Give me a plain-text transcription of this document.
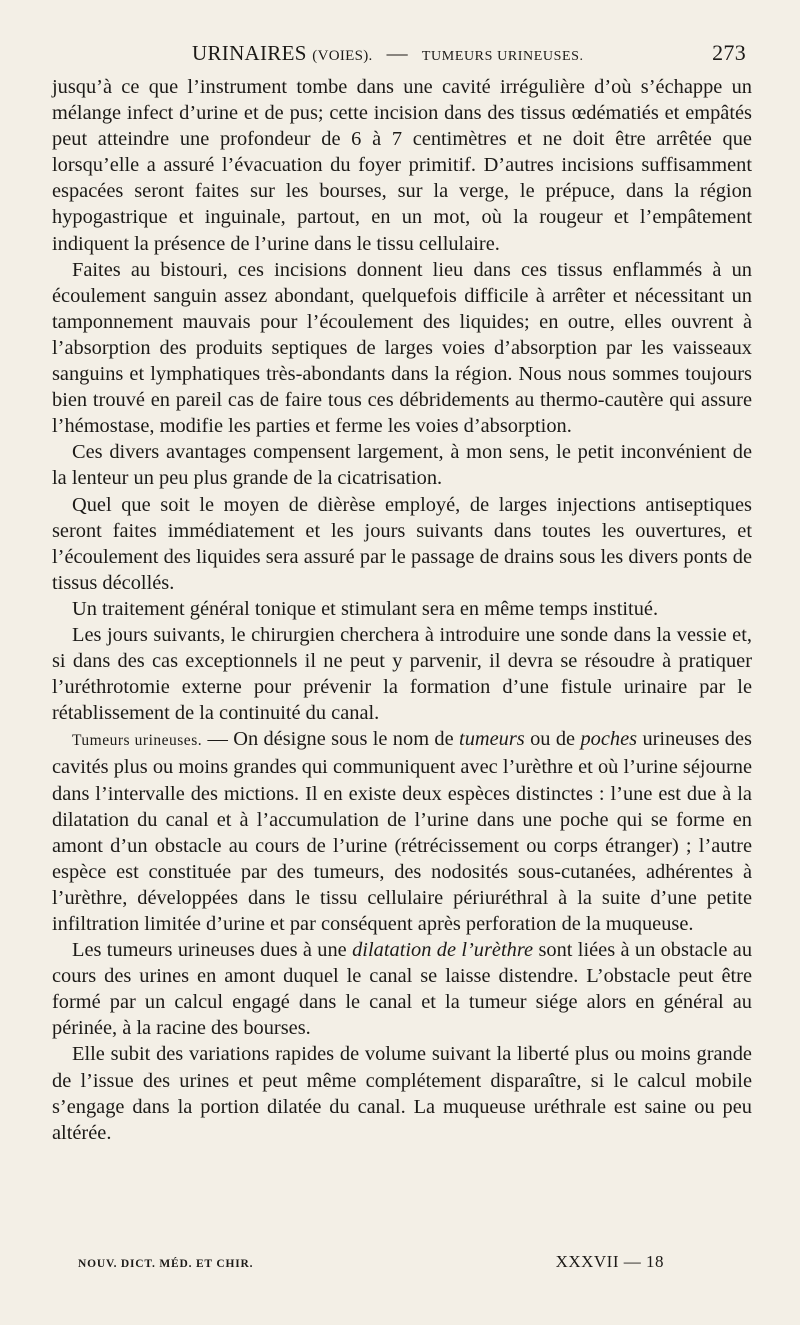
URINAIRES (VOIES). — TUMEURS URINEUSES.	273

jusqu’à ce que l’instrument tombe dans une cavité irrégulière d’où s’échappe un mélange infect d’urine et de pus; cette incision dans des tissus œdématiés et empâtés peut atteindre une profondeur de 6 à 7 centimètres et ne doit être arrêtée que lorsqu’elle a assuré l’évacuation du foyer primitif. D’autres incisions suffisamment espacées seront faites sur les bourses, sur la verge, le prépuce, dans la région hypogastrique et inguinale, partout, en un mot, où la rougeur et l’empâtement indiquent la présence de l’urine dans le tissu cellulaire.

Faites au bistouri, ces incisions donnent lieu dans ces tissus enflammés à un écoulement sanguin assez abondant, quelquefois difficile à arrêter et nécessitant un tamponnement mauvais pour l’écoulement des liquides; en outre, elles ouvrent à l’absorption des produits septiques de larges voies d’absorption par les vaisseaux sanguins et lymphatiques très-abondants dans la région. Nous nous sommes toujours bien trouvé en pareil cas de faire tous ces débridements au thermo-cautère qui assure l’hémostase, modifie les parties et ferme les voies d’absorption.

Ces divers avantages compensent largement, à mon sens, le petit inconvénient de la lenteur un peu plus grande de la cicatrisation.

Quel que soit le moyen de dièrèse employé, de larges injections antiseptiques seront faites immédiatement et les jours suivants dans toutes les ouvertures, et l’écoulement des liquides sera assuré par le passage de drains sous les divers ponts de tissus décollés.

Un traitement général tonique et stimulant sera en même temps institué.

Les jours suivants, le chirurgien cherchera à introduire une sonde dans la vessie et, si dans des cas exceptionnels il ne peut y parvenir, il devra se résoudre à pratiquer l’uréthrotomie externe pour prévenir la formation d’une fistule urinaire par le rétablissement de la continuité du canal.

Tumeurs urineuses. — On désigne sous le nom de tumeurs ou de poches urineuses des cavités plus ou moins grandes qui communiquent avec l’urèthre et où l’urine séjourne dans l’intervalle des mictions. Il en existe deux espèces distinctes : l’une est due à la dilatation du canal et à l’accumulation de l’urine dans une poche qui se forme en amont d’un obstacle au cours de l’urine (rétrécissement ou corps étranger) ; l’autre espèce est constituée par des tumeurs, des nodosités sous-cutanées, adhérentes à l’urèthre, développées dans le tissu cellulaire périuréthral à la suite d’une petite infiltration limitée d’urine et par conséquent après perforation de la muqueuse.

Les tumeurs urineuses dues à une dilatation de l’urèthre sont liées à un obstacle au cours des urines en amont duquel le canal se laisse distendre. L’obstacle peut être formé par un calcul engagé dans le canal et la tumeur siége alors en général au périnée, à la racine des bourses.

Elle subit des variations rapides de volume suivant la liberté plus ou moins grande de l’issue des urines et peut même complétement disparaître, si le calcul mobile s’engage dans la portion dilatée du canal. La muqueuse uréthrale est saine ou peu altérée.

NOUV. DICT. MÉD. ET CHIR.	XXXVII — 18
